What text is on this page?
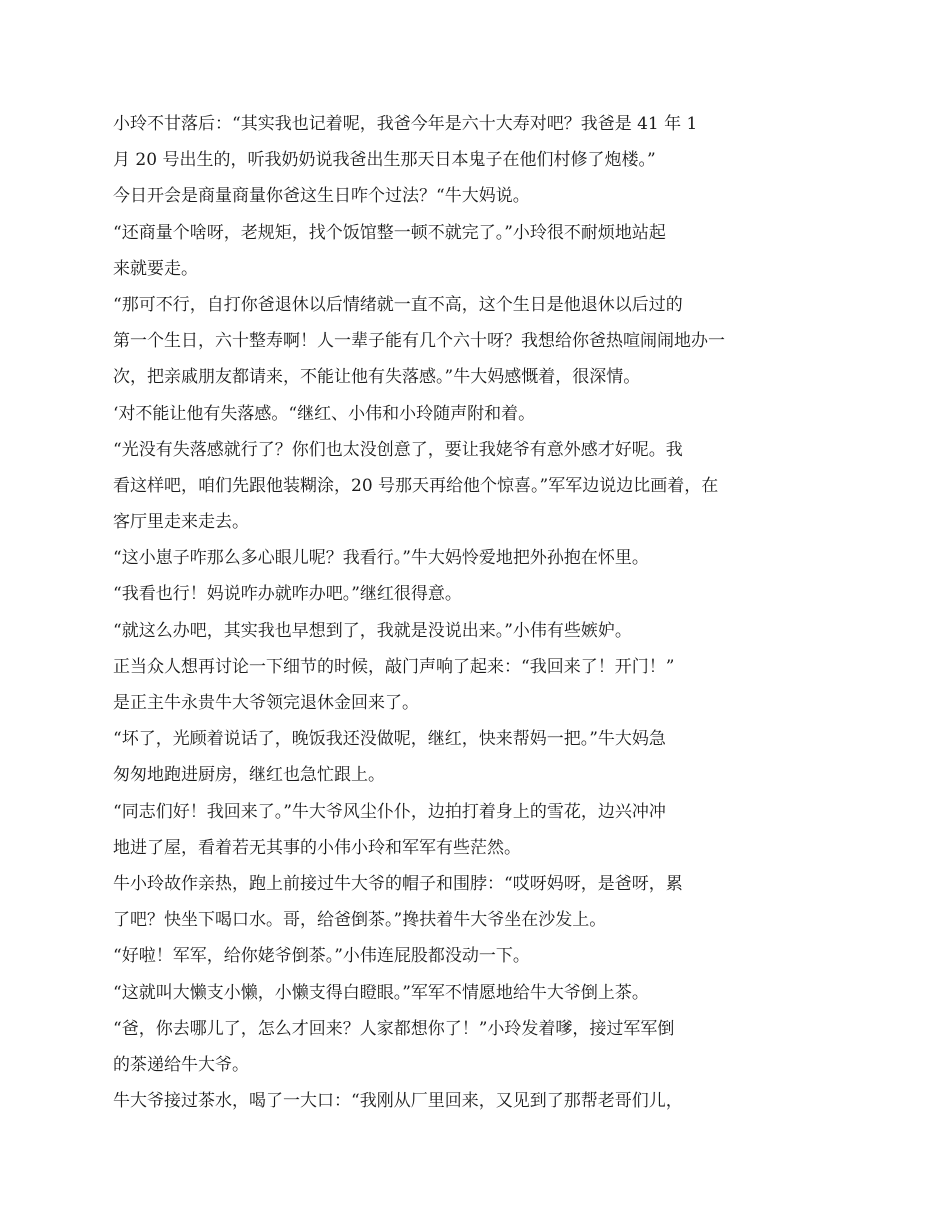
小玲不甘落后：“其实我也记着呢，我爸今年是六十大寿对吧？我爸是 41 年 1

月 20 号出生的，听我奶奶说我爸出生那天日本鬼子在他们村修了炮楼。”

今日开会是商量商量你爸这生日咋个过法？“牛大妈说。

“还商量个啥呀，老规矩，找个饭馆整一顿不就完了。”小玲很不耐烦地站起

来就要走。

“那可不行，自打你爸退休以后情绪就一直不高，这个生日是他退休以后过的

第一个生日，六十整寿啊！人一辈子能有几个六十呀？我想给你爸热喧闹闹地办一

次，把亲戚朋友都请来，不能让他有失落感。”牛大妈感慨着，很深情。

‘对不能让他有失落感。“继红、小伟和小玲随声附和着。

“光没有失落感就行了？你们也太没创意了，要让我姥爷有意外感才好呢。我

看这样吧，咱们先跟他装糊涂，20 号那天再给他个惊喜。”军军边说边比画着，在

客厅里走来走去。

“这小崽子咋那么多心眼儿呢？我看行。”牛大妈怜爱地把外孙抱在怀里。

“我看也行！妈说咋办就咋办吧。”继红很得意。

“就这么办吧，其实我也早想到了，我就是没说出来。”小伟有些嫉妒。

正当众人想再讨论一下细节的时候，敲门声响了起来：“我回来了！开门！”

是正主牛永贵牛大爷领完退休金回来了。

“坏了，光顾着说话了，晚饭我还没做呢，继红，快来帮妈一把。”牛大妈急

匆匆地跑进厨房，继红也急忙跟上。

“同志们好！我回来了。”牛大爷风尘仆仆，边拍打着身上的雪花，边兴冲冲

地进了屋，看着若无其事的小伟小玲和军军有些茫然。

牛小玲故作亲热，跑上前接过牛大爷的帽子和围脖：“哎呀妈呀，是爸呀，累

了吧？快坐下喝口水。哥，给爸倒茶。”搀扶着牛大爷坐在沙发上。

“好啦！军军，给你姥爷倒茶。”小伟连屁股都没动一下。

“这就叫大懒支小懒，小懒支得白瞪眼。”军军不情愿地给牛大爷倒上茶。

“爸，你去哪儿了，怎么才回来？人家都想你了！”小玲发着嗲，接过军军倒

的茶递给牛大爷。

牛大爷接过茶水，喝了一大口：“我刚从厂里回来，又见到了那帮老哥们儿，
